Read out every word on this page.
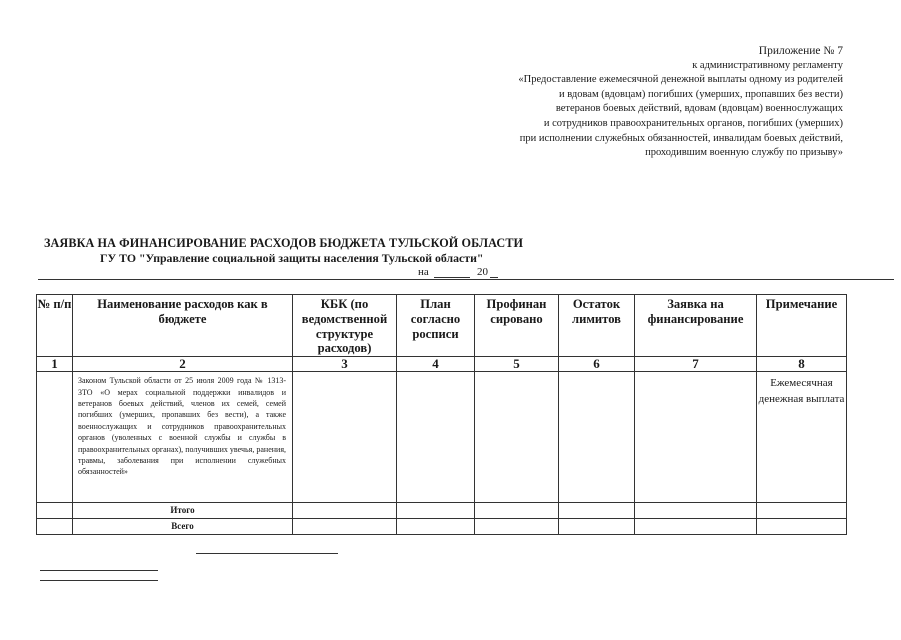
Приложение № 7
к административному регламенту
«Предоставление ежемесячной денежной выплаты одному из родителей
и вдовам (вдовцам) погибших (умерших, пропавших без вести)
ветеранов боевых действий, вдовам (вдовцам) военнослужащих
и сотрудников правоохранительных органов, погибших (умерших)
при исполнении служебных обязанностей, инвалидам боевых действий,
проходившим военную службу по призыву»
ЗАЯВКА НА ФИНАНСИРОВАНИЕ РАСХОДОВ БЮДЖЕТА ТУЛЬСКОЙ ОБЛАСТИ
ГУ ТО "Управление социальной защиты населения Тульской области"
на	20
№ п/п	Наименование расходов как в бюджете	КБК (по ведомственной структуре расходов)	План согласно росписи	Профинан сировано	Остаток лимитов	Заявка на финансирование	Примечание
1	2	3	4	5	6	7	8
	Законом Тульской области от 25 июля 2009 года № 1313-ЗТО «О мерах социальной поддержки инвалидов и ветеранов боевых действий, членов их семей, семей погибших (умерших, пропавших без вести), а также военнослужащих и сотрудников правоохранительных органов (уволенных с военной службы и службы в правоохранительных органах), получивших увечья, ранения, травмы, заболевания при исполнении служебных обязанностей»						Ежемесячная денежная выплата
	Итого						
	Всего						
